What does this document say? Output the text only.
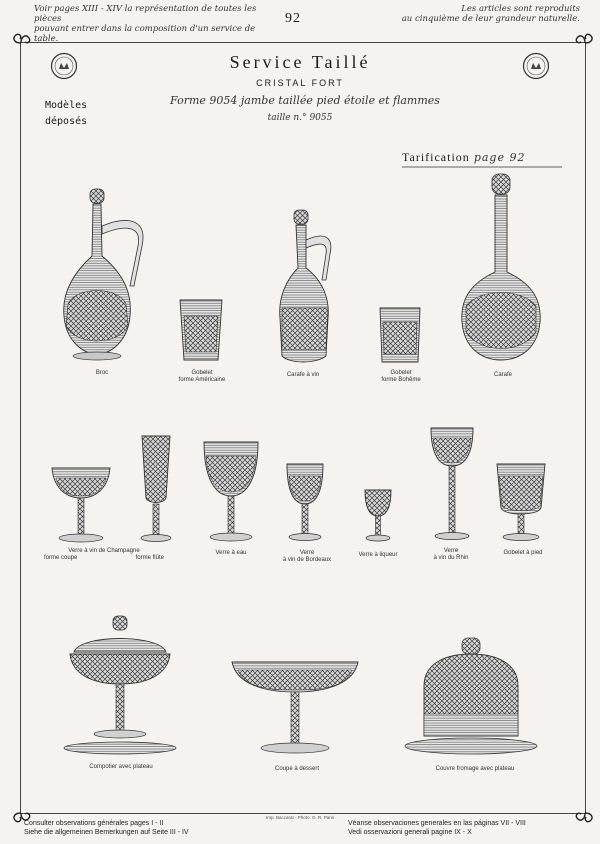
Voir pages XIII - XIV la représentation de toutes les pièces
pouvant entrer dans la composition d'un service de table.
92
Les articles sont reproduits
au cinquième de leur grandeur naturelle.
Service Taillé
CRISTAL FORT
Forme 9054 jambe taillée pied étoile et flammes
taille n.° 9055
Modèles
déposés
Tarification page 92
Broc	Gobelet
forme Américaine
Carafe à vin	Gobelet
forme Bohême
Carafe
Verre à vin de Champagne
forme coupe	forme flûte
Verre à eau	Verre
à vin de Bordeaux
Verre à liqueur
Verre
à vin du Rhin
Gobelet à pied
Compotier avec plateau	Coupe à dessert	Couvre fromage avec plateau
Imp. Baccarat - Photo. G. R. Paris
Consulter observations générales pages I - II
Siehe die allgemeinen Bemerkungen auf Seite III - IV
Véanse observaciones generales en las páginas VII - VIII
Vedi osservazioni generali pagine IX - X
